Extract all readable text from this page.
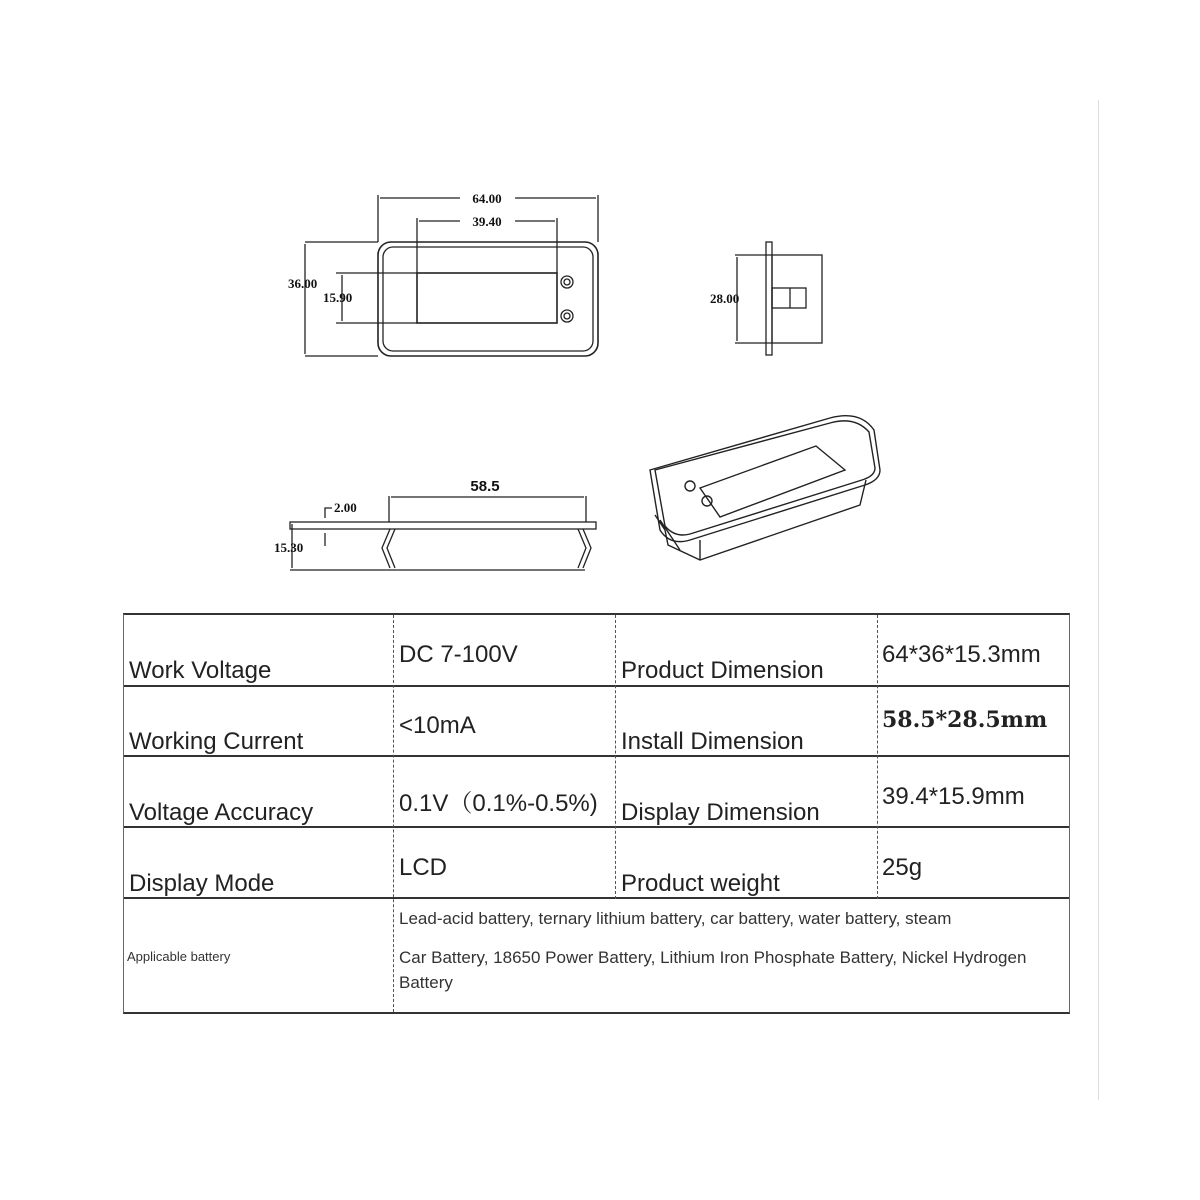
64.00
39.40
36.00
15.90	28.00
58.5
2.00
15.30
Work Voltage
DC 7-100V
Product Dimension
64*36*15.3mm
Working Current
<10mA
Install Dimension
58.5*28.5mm
Voltage Accuracy	0.1V（0.1%-0.5%) Display Dimension
39.4*15.9mm
Display Mode
LCD
Product weight
25g
Applicable battery
Lead-acid battery, ternary lithium battery, car battery, water battery, steam
Car Battery, 18650 Power Battery, Lithium Iron Phosphate Battery, Nickel Hydrogen Battery
